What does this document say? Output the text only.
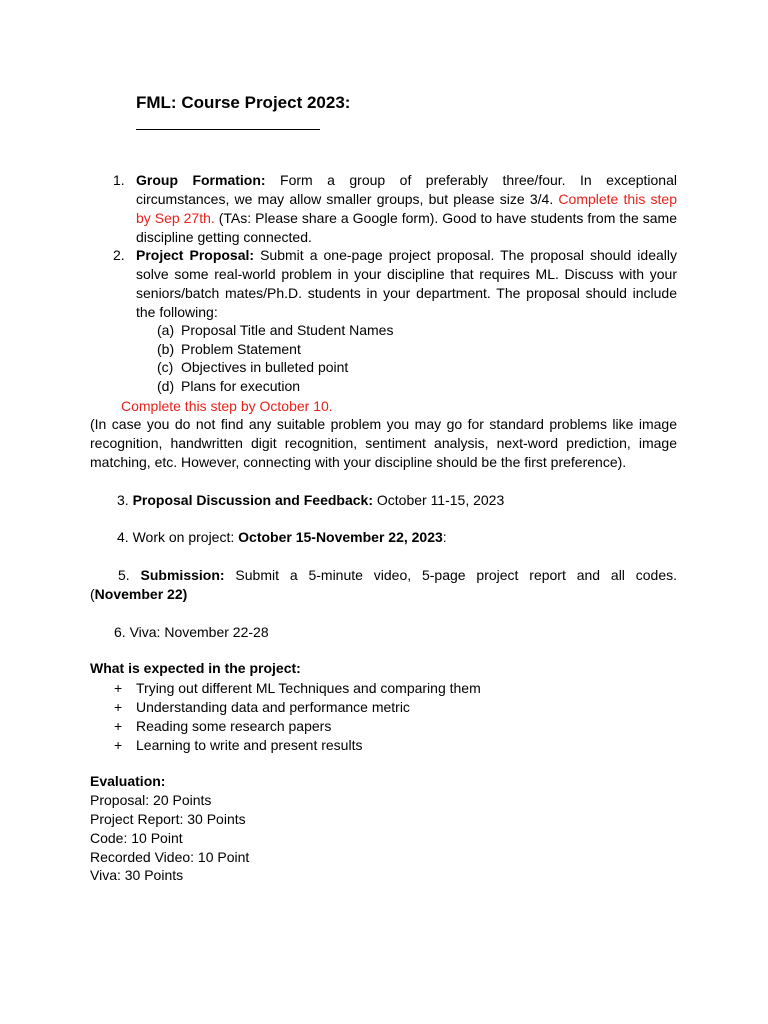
FML: Course Project 2023:
1. Group Formation: Form a group of preferably three/four. In exceptional circumstances, we may allow smaller groups, but please size 3/4. Complete this step by Sep 27th. (TAs: Please share a Google form). Good to have students from the same discipline getting connected.
2. Project Proposal: Submit a one-page project proposal. The proposal should ideally solve some real-world problem in your discipline that requires ML. Discuss with your seniors/batch mates/Ph.D. students in your department. The proposal should include the following:
(a) Proposal Title and Student Names
(b) Problem Statement
(c) Objectives in bulleted point
(d) Plans for execution
Complete this step by October 10.
(In case you do not find any suitable problem you may go for standard problems like image recognition, handwritten digit recognition, sentiment analysis, next-word prediction, image matching, etc. However, connecting with your discipline should be the first preference).
3. Proposal Discussion and Feedback: October 11-15, 2023
4. Work on project: October 15-November 22, 2023:
5. Submission: Submit a 5-minute video, 5-page project report and all codes. (November 22)
6. Viva: November 22-28
What is expected in the project:
+ Trying out different ML Techniques and comparing them
+ Understanding data and performance metric
+ Reading some research papers
+ Learning to write and present results
Evaluation:
Proposal: 20 Points
Project Report: 30 Points
Code: 10 Point
Recorded Video: 10 Point
Viva: 30 Points
